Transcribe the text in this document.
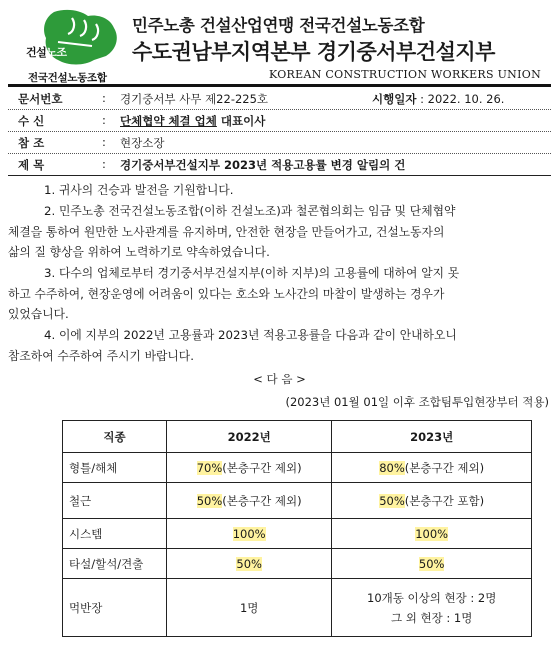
건설노조
전국건설노동조합
민주노총 건설산업연맹 전국건설노동조합
수도권남부지역본부 경기중서부건설지부
KOREAN CONSTRUCTION WORKERS UNION
문서번호	: 경기중서부 사무 제22-225호	시행일자 : 2022. 10. 26.
수 신	: 단체협약 체결 업체 대표이사
참 조	: 현장소장
제 목	: 경기중서부건설지부 2023년 적용고용률 변경 알림의 건
1. 귀사의 건승과 발전을 기원합니다.
2. 민주노총 전국건설노동조합(이하 건설노조)과 철콘협의회는 임금 및 단체협약
체결을 통하여 원만한 노사관계를 유지하며, 안전한 현장을 만들어가고, 건설노동자의
삶의 질 향상을 위하여 노력하기로 약속하였습니다.
3. 다수의 업체로부터 경기중서부건설지부(이하 지부)의 고용률에 대하여 알지 못
하고 수주하여, 현장운영에 어려움이 있다는 호소와 노사간의 마찰이 발생하는 경우가
있었습니다.
4. 이에 지부의 2022년 고용률과 2023년 적용고용률을 다음과 같이 안내하오니
참조하여 수주하여 주시기 바랍니다.
< 다 음 >
(2023년 01월 01일 이후 조합팀투입현장부터 적용)
직종	2022년	2023년
형틀/해체	70%(본층구간 제외)	80%(본층구간 제외)
철근	50%(본층구간 제외)	50%(본층구간 포함)
시스템	100%	100%
타설/할석/견출	50%	50%
먹반장	1명	10개동 이상의 현장 : 2명
그 외 현장 : 1명
